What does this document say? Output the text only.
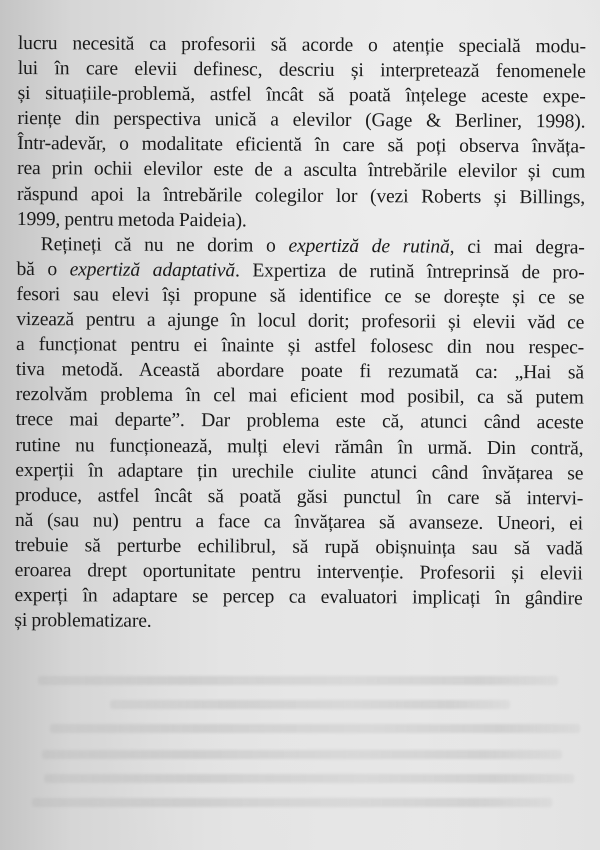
lucru necesită ca profesorii să acorde o atenție specială modu-
lui în care elevii definesc, descriu și interpretează fenomenele
și situațiile-problemă, astfel încât să poată înțelege aceste expe-
riențe din perspectiva unică a elevilor (Gage & Berliner, 1998).
Într-adevăr, o modalitate eficientă în care să poți observa învăța-
rea prin ochii elevilor este de a asculta întrebările elevilor și cum
răspund apoi la întrebările colegilor lor (vezi Roberts și Billings,
1999, pentru metoda Paideia).
Rețineți că nu ne dorim o expertiză de rutină, ci mai degra-
bă o expertiză adaptativă. Expertiza de rutină întreprinsă de pro-
fesori sau elevi își propune să identifice ce se dorește și ce se
vizează pentru a ajunge în locul dorit; profesorii și elevii văd ce
a funcționat pentru ei înainte și astfel folosesc din nou respec-
tiva metodă. Această abordare poate fi rezumată ca: „Hai să
rezolvăm problema în cel mai eficient mod posibil, ca să putem
trece mai departe”. Dar problema este că, atunci când aceste
rutine nu funcționează, mulți elevi rămân în urmă. Din contră,
experții în adaptare țin urechile ciulite atunci când învățarea se
produce, astfel încât să poată găsi punctul în care să intervi-
nă (sau nu) pentru a face ca învățarea să avanseze. Uneori, ei
trebuie să perturbe echilibrul, să rupă obișnuința sau să vadă
eroarea drept oportunitate pentru intervenție. Profesorii și elevii
experți în adaptare se percep ca evaluatori implicați în gândire
și problematizare.
